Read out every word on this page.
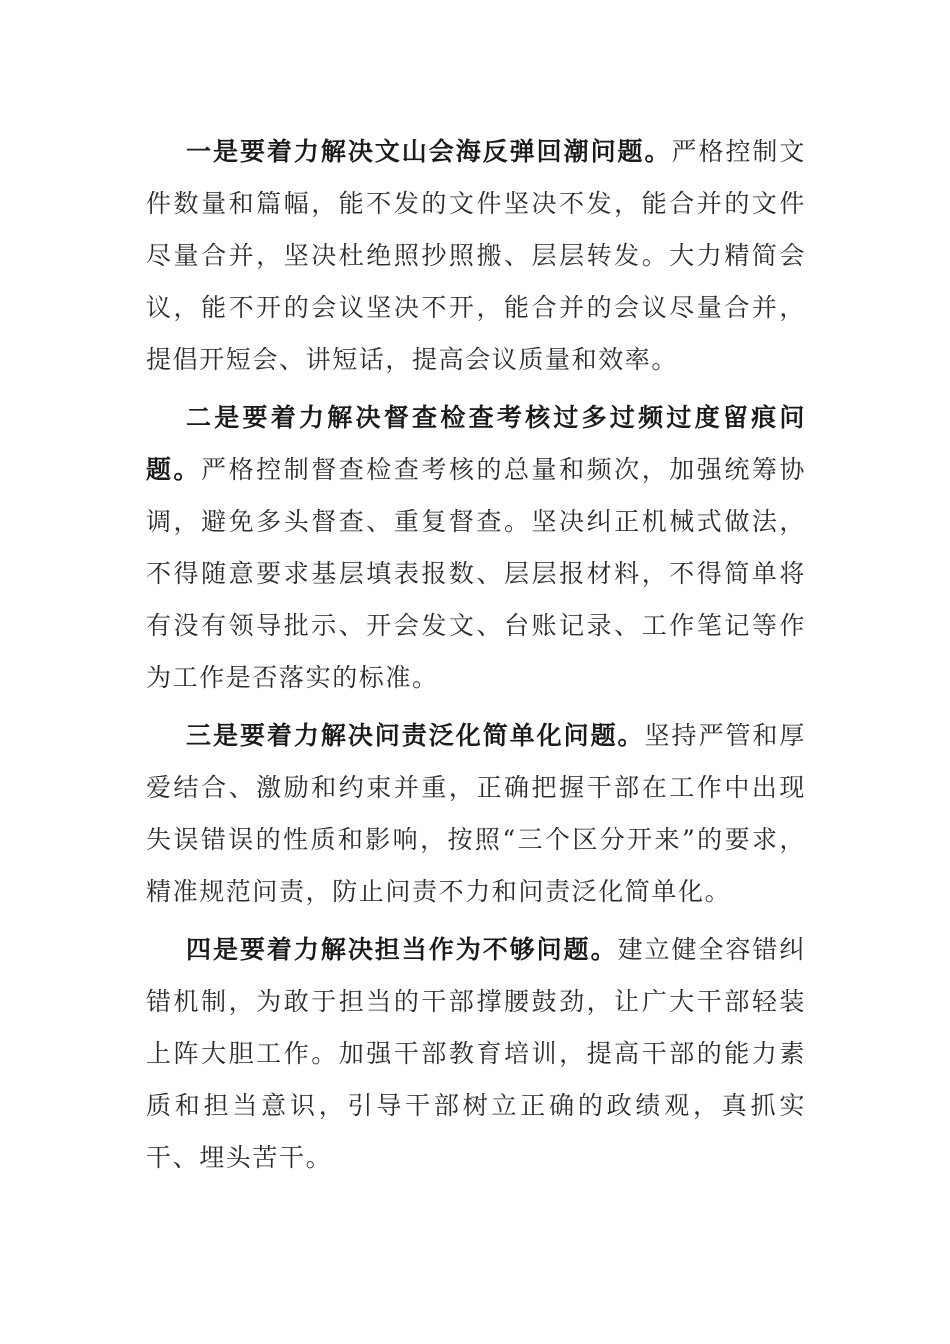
一是要着力解决文山会海反弹回潮问题。严格控制文件数量和篇幅，能不发的文件坚决不发，能合并的文件尽量合并，坚决杜绝照抄照搬、层层转发。大力精简会议，能不开的会议坚决不开，能合并的会议尽量合并，提倡开短会、讲短话，提高会议质量和效率。

二是要着力解决督查检查考核过多过频过度留痕问题。严格控制督查检查考核的总量和频次，加强统筹协调，避免多头督查、重复督查。坚决纠正机械式做法，不得随意要求基层填表报数、层层报材料，不得简单将有没有领导批示、开会发文、台账记录、工作笔记等作为工作是否落实的标准。

三是要着力解决问责泛化简单化问题。坚持严管和厚爱结合、激励和约束并重，正确把握干部在工作中出现失误错误的性质和影响，按照“三个区分开来”的要求，精准规范问责，防止问责不力和问责泛化简单化。

四是要着力解决担当作为不够问题。建立健全容错纠错机制，为敢于担当的干部撑腰鼓劲，让广大干部轻装上阵大胆工作。加强干部教育培训，提高干部的能力素质和担当意识，引导干部树立正确的政绩观，真抓实干、埋头苦干。
